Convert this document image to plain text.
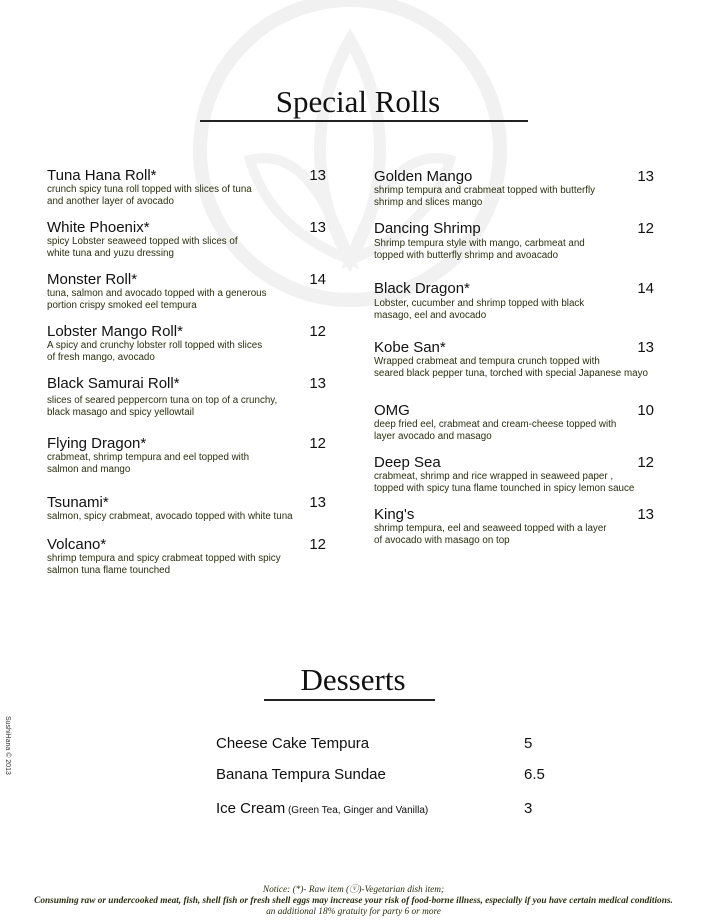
Special Rolls
Tuna Hana Roll*	13
crunch spicy tuna roll topped with slices of tuna
and another layer of avocado
White Phoenix*	13
spicy Lobster seaweed topped with slices of
white tuna and yuzu dressing
Monster Roll*	14
tuna, salmon and avocado topped with a generous
portion crispy smoked eel tempura
Lobster Mango Roll*	12
A spicy and crunchy lobster roll topped with slices
of fresh mango, avocado
Black Samurai Roll*	13
slices of seared peppercorn tuna on top of a crunchy,
black masago and spicy yellowtail
Flying Dragon*	12
crabmeat, shrimp tempura and eel topped with
salmon and mango
Tsunami*	13
salmon, spicy crabmeat, avocado topped with white tuna
Volcano*	12
shrimp tempura and spicy crabmeat topped with spicy
salmon tuna flame tounched
Golden Mango	13
shrimp tempura and crabmeat topped with butterfly
shrimp and slices mango
Dancing Shrimp	12
Shrimp tempura style with mango, carbmeat and
topped with butterfly shrimp and avoacado
Black Dragon*	14
Lobster, cucumber and shrimp topped with black
masago, eel and avocado
Kobe San*	13
Wrapped crabmeat and tempura crunch topped with
seared black pepper tuna, torched with special Japanese mayo
OMG	10
deep fried eel, crabmeat and cream-cheese topped with
layer avocado and masago
Deep Sea	12
crabmeat, shrimp and rice wrapped in seaweed paper ,
topped with spicy tuna flame tounched in spicy lemon sauce
King's	13
shrimp tempura, eel and seaweed topped with a layer
of avocado with masago on top
Desserts
Cheese Cake Tempura	5
Banana Tempura Sundae	6.5
Ice Cream (Green Tea, Ginger and Vanilla)	3
SushiHana © 2013
Notice: (*)- Raw item (ⓥ)-Vegetarian dish item;
Consuming raw or undercooked meat, fish, shell fish or fresh shell eggs may increase your risk of food-borne illness, especially if you have certain medical conditions.
an additional 18% gratuity for party 6 or more
